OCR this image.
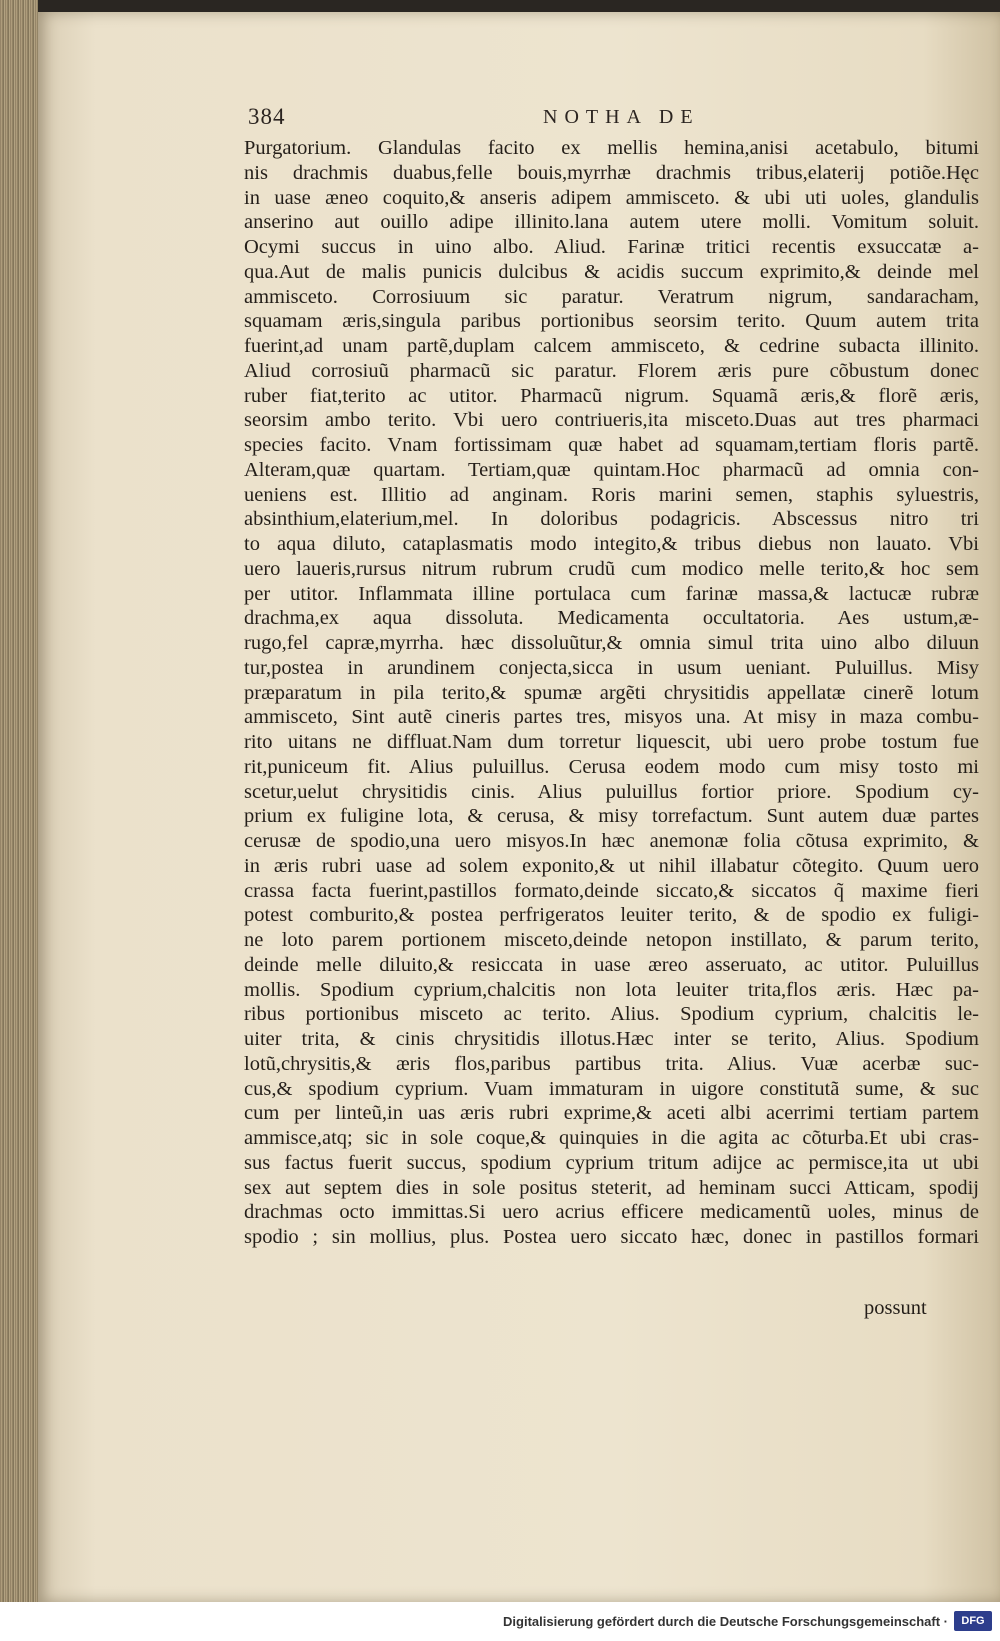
384	NOTHA DE
Purgatorium. Glandulas facito ex mellis hemina,anisi acetabulo, bitumi
nis drachmis duabus,felle bouis,myrrhæ drachmis tribus,elaterij potiõe.Hęc
in uase æneo coquito,& anseris adipem ammisceto. & ubi uti uoles, glandulis
anserino aut ouillo adipe illinito.lana autem utere molli. Vomitum soluit.
Ocymi succus in uino albo. Aliud. Farinæ tritici recentis exsuccatæ a-
qua.Aut de malis punicis dulcibus & acidis succum exprimito,& deinde mel
ammisceto. Corrosiuum sic paratur. Veratrum nigrum, sandaracham,
squamam æris,singula paribus portionibus seorsim terito. Quum autem trita
fuerint,ad unam partẽ,duplam calcem ammisceto, & cedrine subacta illinito.
Aliud corrosiuũ pharmacũ sic paratur. Florem æris pure cõbustum donec
ruber fiat,terito ac utitor. Pharmacũ nigrum. Squamã æris,& florẽ æris,
seorsim ambo terito. Vbi uero contriueris,ita misceto.Duas aut tres pharmaci
species facito. Vnam fortissimam quæ habet ad squamam,tertiam floris partẽ.
Alteram,quæ quartam. Tertiam,quæ quintam.Hoc pharmacũ ad omnia con-
ueniens est. Illitio ad anginam. Roris marini semen, staphis syluestris,
absinthium,elaterium,mel. In doloribus podagricis. Abscessus nitro tri
to aqua diluto, cataplasmatis modo integito,& tribus diebus non lauato. Vbi
uero laueris,rursus nitrum rubrum crudũ cum modico melle terito,& hoc sem
per utitor. Inflammata illine portulaca cum farinæ massa,& lactucæ rubræ
drachma,ex aqua dissoluta. Medicamenta occultatoria. Aes ustum,æ-
rugo,fel capræ,myrrha. hæc dissoluũtur,& omnia simul trita uino albo diluun
tur,postea in arundinem conjecta,sicca in usum ueniant. Puluillus. Misy
præparatum in pila terito,& spumæ argẽti chrysitidis appellatæ cinerẽ lotum
ammisceto, Sint autẽ cineris partes tres, misyos una. At misy in maza combu-
rito uitans ne diffluat.Nam dum torretur liquescit, ubi uero probe tostum fue
rit,puniceum fit. Alius puluillus. Cerusa eodem modo cum misy tosto mi
scetur,uelut chrysitidis cinis. Alius puluillus fortior priore. Spodium cy-
prium ex fuligine lota, & cerusa, & misy torrefactum. Sunt autem duæ partes
cerusæ de spodio,una uero misyos.In hæc anemonæ folia cõtusa exprimito, &
in æris rubri uase ad solem exponito,& ut nihil illabatur cõtegito. Quum uero
crassa facta fuerint,pastillos formato,deinde siccato,& siccatos q̃ maxime fieri
potest comburito,& postea perfrigeratos leuiter terito, & de spodio ex fuligi-
ne loto parem portionem misceto,deinde netopon instillato, & parum terito,
deinde melle diluito,& resiccata in uase æreo asseruato, ac utitor. Puluillus
mollis. Spodium cyprium,chalcitis non lota leuiter trita,flos æris. Hæc pa-
ribus portionibus misceto ac terito. Alius. Spodium cyprium, chalcitis le-
uiter trita, & cinis chrysitidis illotus.Hæc inter se terito, Alius. Spodium
lotũ,chrysitis,& æris flos,paribus partibus trita. Alius. Vuæ acerbæ suc-
cus,& spodium cyprium. Vuam immaturam in uigore constitutã sume, & suc
cum per linteũ,in uas æris rubri exprime,& aceti albi acerrimi tertiam partem
ammisce,atq; sic in sole coque,& quinquies in die agita ac cõturba.Et ubi cras-
sus factus fuerit succus, spodium cyprium tritum adijce ac permisce,ita ut ubi
sex aut septem dies in sole positus steterit, ad heminam succi Atticam, spodij
drachmas octo immittas.Si uero acrius efficere medicamentũ uoles, minus de
spodio ; sin mollius, plus. Postea uero siccato hæc, donec in pastillos formari
possunt
Digitalisierung gefördert durch die Deutsche Forschungsgemeinschaft ·	DFG
